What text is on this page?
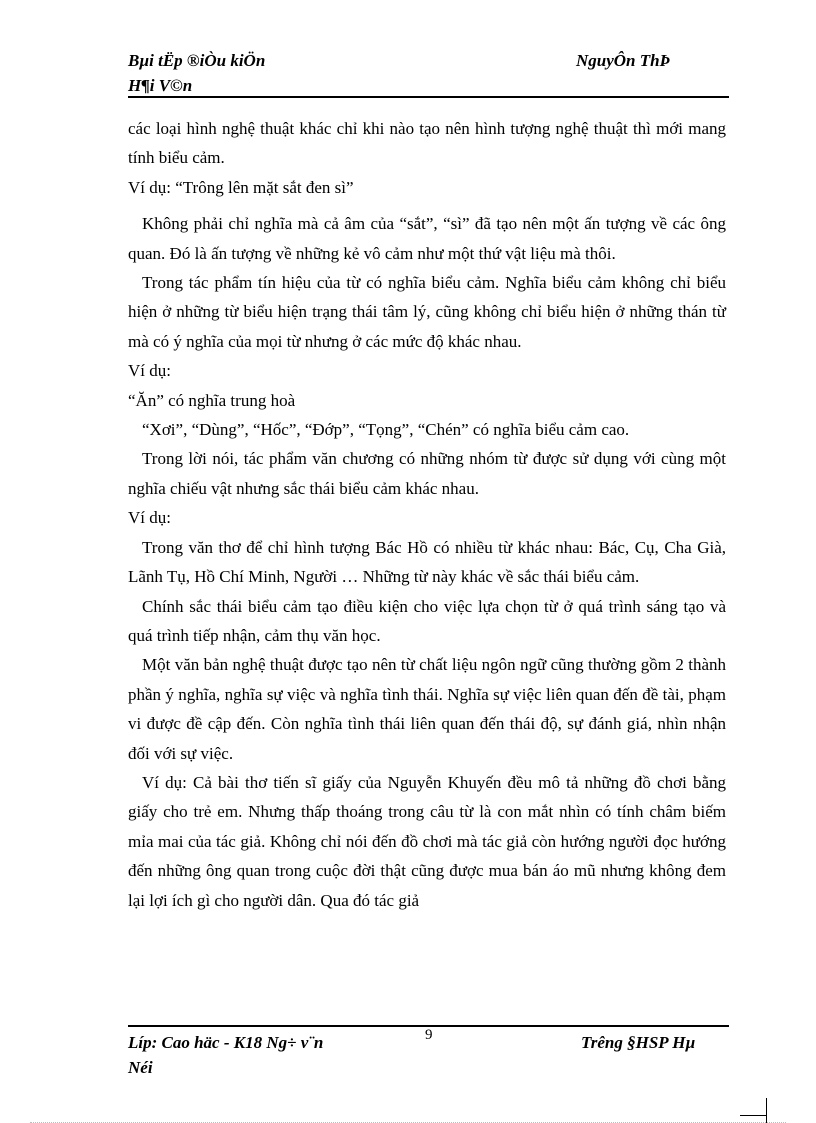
Bµi tËp ®iÒu kiÖn
H¶i V©n
NguyÔn ThÞ

các loại hình nghệ thuật khác chỉ khi nào tạo nên hình tượng nghệ thuật thì mới mang tính biểu cảm.

Ví dụ: “Trông lên mặt sắt đen sì”

Không phải chỉ nghĩa mà cả âm của “sắt”, “sì” đã tạo nên một ấn tượng về các ông quan. Đó là ấn tượng về những kẻ vô cảm như một thứ vật liệu mà thôi.

Trong tác phẩm tín hiệu của từ có nghĩa biểu cảm. Nghĩa biểu cảm không chỉ biểu hiện ở những từ biểu hiện trạng thái tâm lý, cũng không chỉ biểu hiện ở những thán từ mà có ý nghĩa của mọi từ nhưng ở các mức độ khác nhau.

Ví dụ:

“Ăn” có nghĩa trung hoà

“Xơi”, “Dùng”, “Hốc”, “Đớp”, “Tọng”, “Chén” có nghĩa biểu cảm cao.

Trong lời nói, tác phẩm văn chương có những nhóm từ được sử dụng với cùng một nghĩa chiếu vật nhưng sắc thái biểu cảm khác nhau.

Ví dụ:

Trong văn thơ để chỉ hình tượng Bác Hồ có nhiều từ khác nhau: Bác, Cụ, Cha Già, Lãnh Tụ, Hồ Chí Minh, Người … Những từ này khác về sắc thái biểu cảm.

Chính sắc thái biểu cảm tạo điều kiện cho việc lựa chọn từ ở quá trình sáng tạo và quá trình tiếp nhận, cảm thụ văn học.

Một văn bản nghệ thuật được tạo nên từ chất liệu ngôn ngữ cũng thường gồm 2 thành phần ý nghĩa, nghĩa sự việc và nghĩa tình thái. Nghĩa sự việc liên quan đến đề tài, phạm vi được đề cập đến. Còn nghĩa tình thái liên quan đến thái độ, sự đánh giá, nhìn nhận đối với sự việc.

Ví dụ: Cả bài thơ tiến sĩ giấy của Nguyễn Khuyến đều mô tả những đồ chơi bằng giấy cho trẻ em. Nhưng thấp thoáng trong câu từ là con mắt nhìn có tính châm biếm mỉa mai của tác giả. Không chỉ nói đến đồ chơi mà tác giả còn hướng người đọc hướng đến những ông quan trong cuộc đời thật cũng được mua bán áo mũ nhưng không đem lại lợi ích gì cho người dân. Qua đó tác giả

Líp: Cao häc - K18 Ng÷ v¨n
Néi
9	Trêng §HSP Hµ
